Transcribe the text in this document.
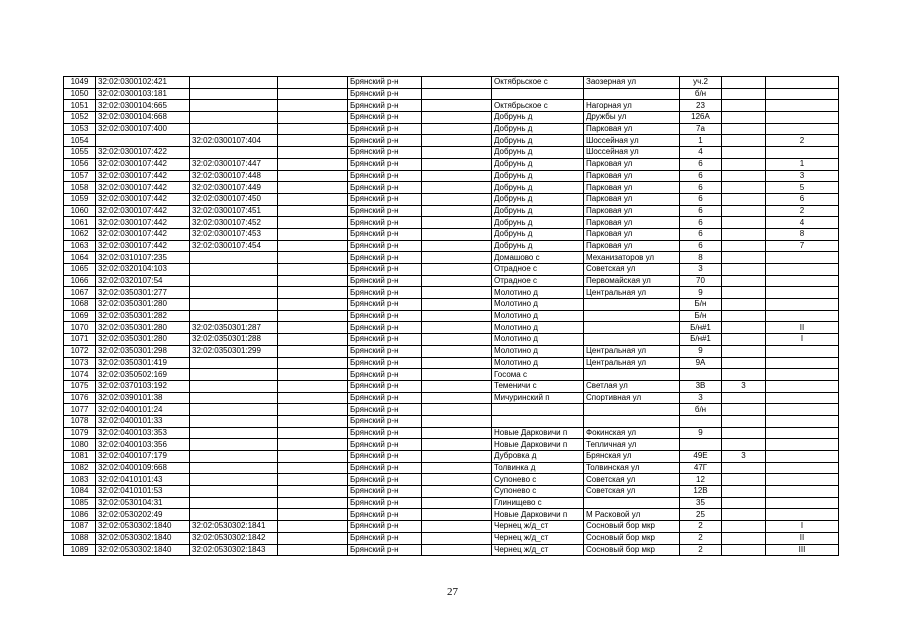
1049	32:02:0300102:421			Брянский р-н		Октябрьское с	Заозерная ул	уч.2		
1050	32:02:0300103:181			Брянский р-н				б/н		
1051	32:02:0300104:665			Брянский р-н		Октябрьское с	Нагорная ул	23		
1052	32:02:0300104:668			Брянский р-н		Добрунь д	Дружбы ул	126А		
1053	32:02:0300107:400			Брянский р-н		Добрунь д	Парковая ул	7а		
1054		32:02:0300107:404		Брянский р-н		Добрунь д	Шоссейная ул	1		2
1055	32:02:0300107:422			Брянский р-н		Добрунь д	Шоссейная ул	4		
1056	32:02:0300107:442	32:02:0300107:447		Брянский р-н		Добрунь д	Парковая ул	6		1
1057	32:02:0300107:442	32:02:0300107:448		Брянский р-н		Добрунь д	Парковая ул	6		3
1058	32:02:0300107:442	32:02:0300107:449		Брянский р-н		Добрунь д	Парковая ул	6		5
1059	32:02:0300107:442	32:02:0300107:450		Брянский р-н		Добрунь д	Парковая ул	6		6
1060	32:02:0300107:442	32:02:0300107:451		Брянский р-н		Добрунь д	Парковая ул	6		2
1061	32:02:0300107:442	32:02:0300107:452		Брянский р-н		Добрунь д	Парковая ул	6		4
1062	32:02:0300107:442	32:02:0300107:453		Брянский р-н		Добрунь д	Парковая ул	6		8
1063	32:02:0300107:442	32:02:0300107:454		Брянский р-н		Добрунь д	Парковая ул	6		7
1064	32:02:0310107:235			Брянский р-н		Домашово с	Механизаторов ул	8		
1065	32:02:0320104:103			Брянский р-н		Отрадное с	Советская ул	3		
1066	32:02:0320107:54			Брянский р-н		Отрадное с	Первомайская ул	70		
1067	32:02:0350301:277			Брянский р-н		Молотино д	Центральная ул	9		
1068	32:02:0350301:280			Брянский р-н		Молотино д		Б/н		
1069	32:02:0350301:282			Брянский р-н		Молотино д		Б/н		
1070	32:02:0350301:280	32:02:0350301:287		Брянский р-н		Молотино д		Б/н#1		II
1071	32:02:0350301:280	32:02:0350301:288		Брянский р-н		Молотино д		Б/н#1		I
1072	32:02:0350301:298	32:02:0350301:299		Брянский р-н		Молотино д	Центральная ул	9		
1073	32:02:0350301:419			Брянский р-н		Молотино д	Центральная ул	9А		
1074	32:02:0350502:169			Брянский р-н		Госома с				
1075	32:02:0370103:192			Брянский р-н		Теменичи с	Светлая ул	3В	3	
1076	32:02:0390101:38			Брянский р-н		Мичуринский п	Спортивная ул	3		
1077	32:02:0400101:24			Брянский р-н				б/н		
1078	32:02:0400101:33			Брянский р-н						
1079	32:02:0400103:353			Брянский р-н		Новые Дарковичи п	Фокинская ул	9		
1080	32:02:0400103:356			Брянский р-н		Новые Дарковичи п	Тепличная ул			
1081	32:02:0400107:179			Брянский р-н		Дубровка д	Брянская ул	49Е	3	
1082	32:02:0400109:668			Брянский р-н		Толвинка д	Толвинская ул	47Г		
1083	32:02:0410101:43			Брянский р-н		Супонево с	Советская ул	12		
1084	32:02:0410101:53			Брянский р-н		Супонево с	Советская ул	12В		
1085	32:02:0530104:31			Брянский р-н		Глинищево с		35		
1086	32:02:0530202:49			Брянский р-н		Новые Дарковичи п	М Расковой ул	25		
1087	32:02:0530302:1840	32:02:0530302:1841		Брянский р-н		Чернец ж/д_ст	Сосновый бор мкр	2		I
1088	32:02:0530302:1840	32:02:0530302:1842		Брянский р-н		Чернец ж/д_ст	Сосновый бор мкр	2		II
1089	32:02:0530302:1840	32:02:0530302:1843		Брянский р-н		Чернец ж/д_ст	Сосновый бор мкр	2		III
27
